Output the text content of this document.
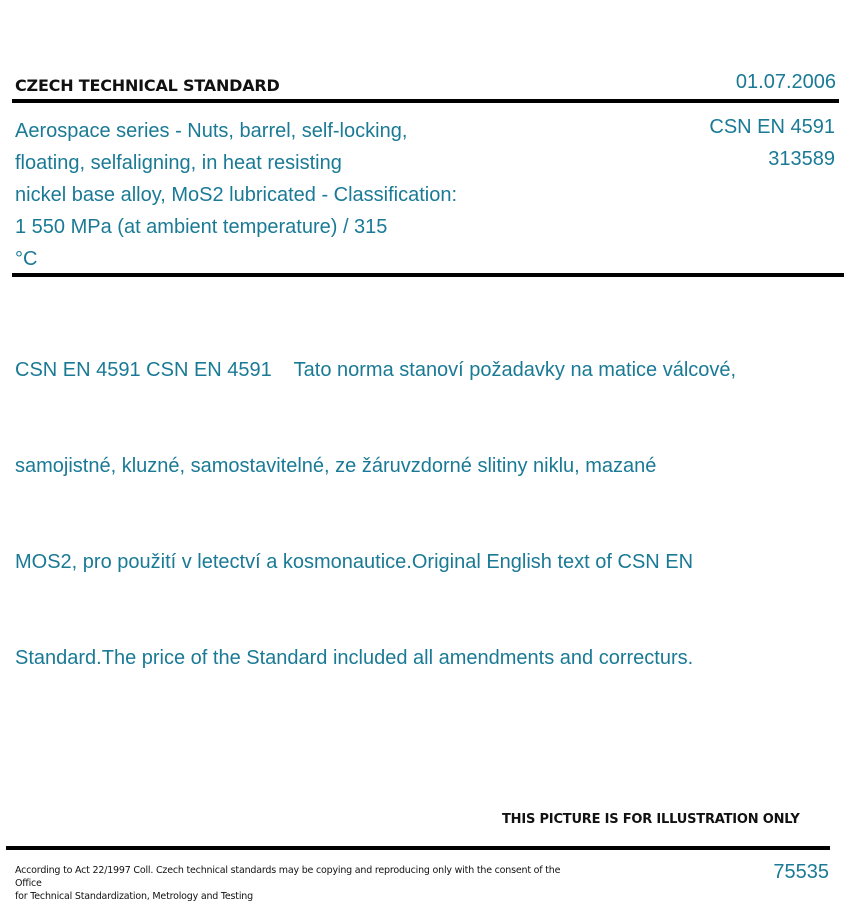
CZECH TECHNICAL STANDARD	01.07.2006
Aerospace series - Nuts, barrel, self-locking,
floating, selfaligning, in heat resisting
nickel base alloy, MoS2 lubricated - Classification:
1 550 MPa (at ambient temperature) / 315
°C
CSN EN 4591
313589

CSN EN 4591 CSN EN 4591    Tato norma stanoví požadavky na matice válcové,

samojistné, kluzné, samostavitelné, ze žáruvzdorné slitiny niklu, mazané

MOS2, pro použití v letectví a kosmonautice.Original English text of CSN EN

Standard.The price of the Standard included all amendments and correcturs.

THIS PICTURE IS FOR ILLUSTRATION ONLY
According to Act 22/1997 Coll. Czech technical standards may be copying and reproducing only with the consent of the Office
for Technical Standardization, Metrology and Testing
75535
